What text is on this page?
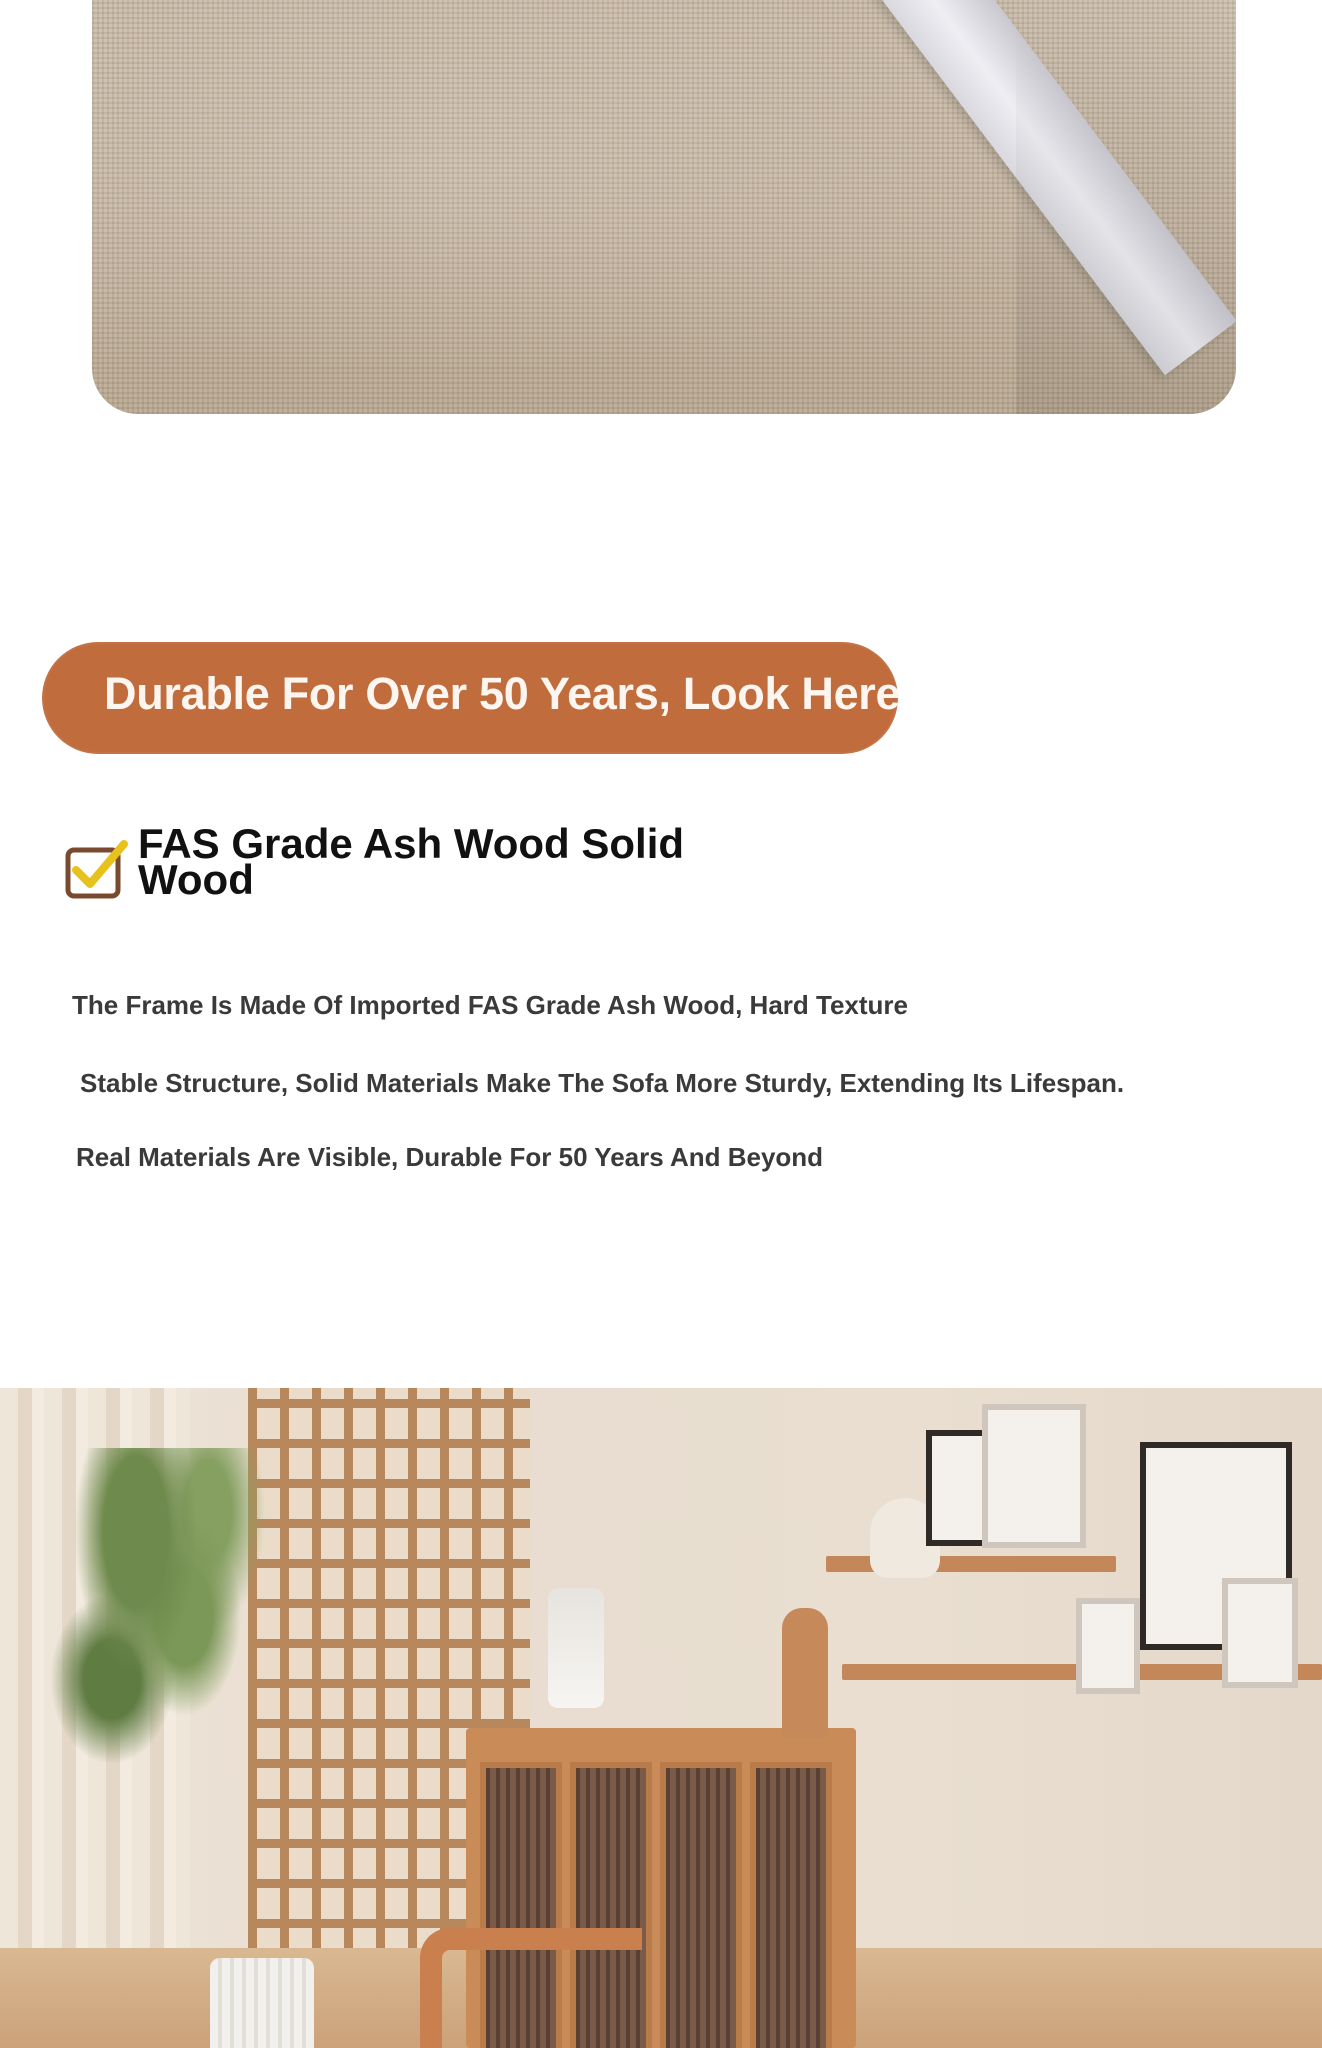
Durable For Over 50 Years, Look Here
FAS Grade Ash Wood Solid Wood
The Frame Is Made Of Imported FAS Grade Ash Wood, Hard Texture
Stable Structure, Solid Materials Make The Sofa More Sturdy, Extending Its Lifespan.
Real Materials Are Visible, Durable For 50 Years And Beyond
